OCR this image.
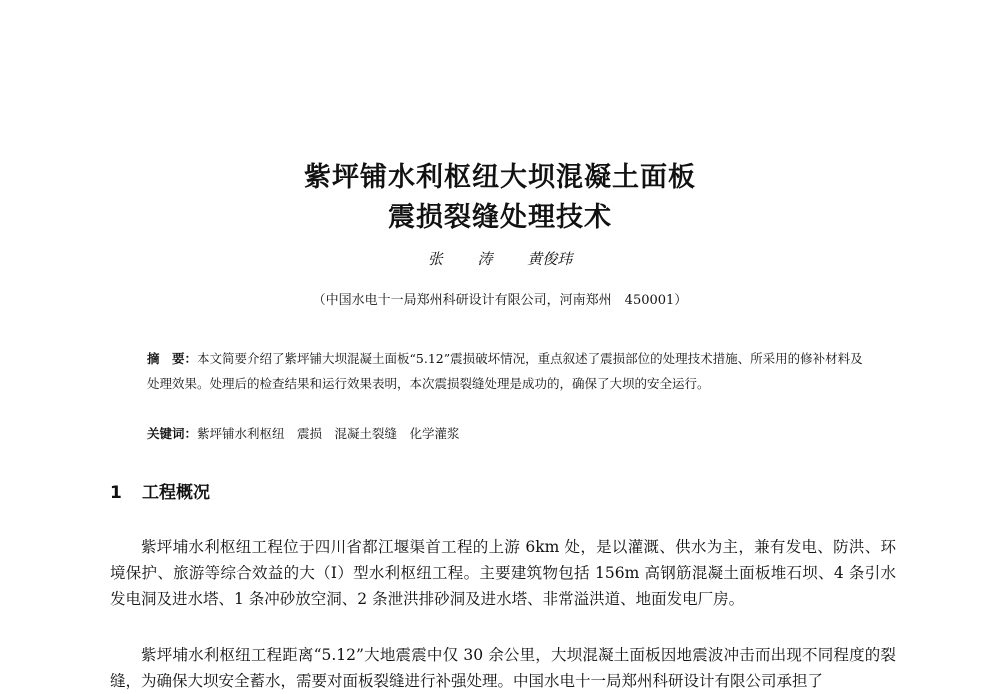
紫坪铺水利枢纽大坝混凝土面板
震损裂缝处理技术
张 涛 黄俊玮
（中国水电十一局郑州科研设计有限公司，河南郑州　450001）
摘　要：本文简要介绍了紫坪铺大坝混凝土面板“5.12”震损破坏情况，重点叙述了震损部位的处理技术措施、所采用的修补材料及处理效果。处理后的检查结果和运行效果表明，本次震损裂缝处理是成功的，确保了大坝的安全运行。
关键词：紫坪铺水利枢纽　震损　混凝土裂缝　化学灌浆
1 工程概况

紫坪埔水利枢纽工程位于四川省都江堰渠首工程的上游 6km 处，是以灌溉、供水为主，兼有发电、防洪、环境保护、旅游等综合效益的大（Ⅰ）型水利枢纽工程。主要建筑物包括 156m 高钢筋混凝土面板堆石坝、4 条引水发电洞及进水塔、1 条冲砂放空洞、2 条泄洪排砂洞及进水塔、非常溢洪道、地面发电厂房。

紫坪埔水利枢纽工程距离“5.12”大地震震中仅 30 余公里，大坝混凝土面板因地震波冲击而出现不同程度的裂缝，为确保大坝安全蓄水，需要对面板裂缝进行补强处理。中国水电十一局郑州科研设计有限公司承担了
